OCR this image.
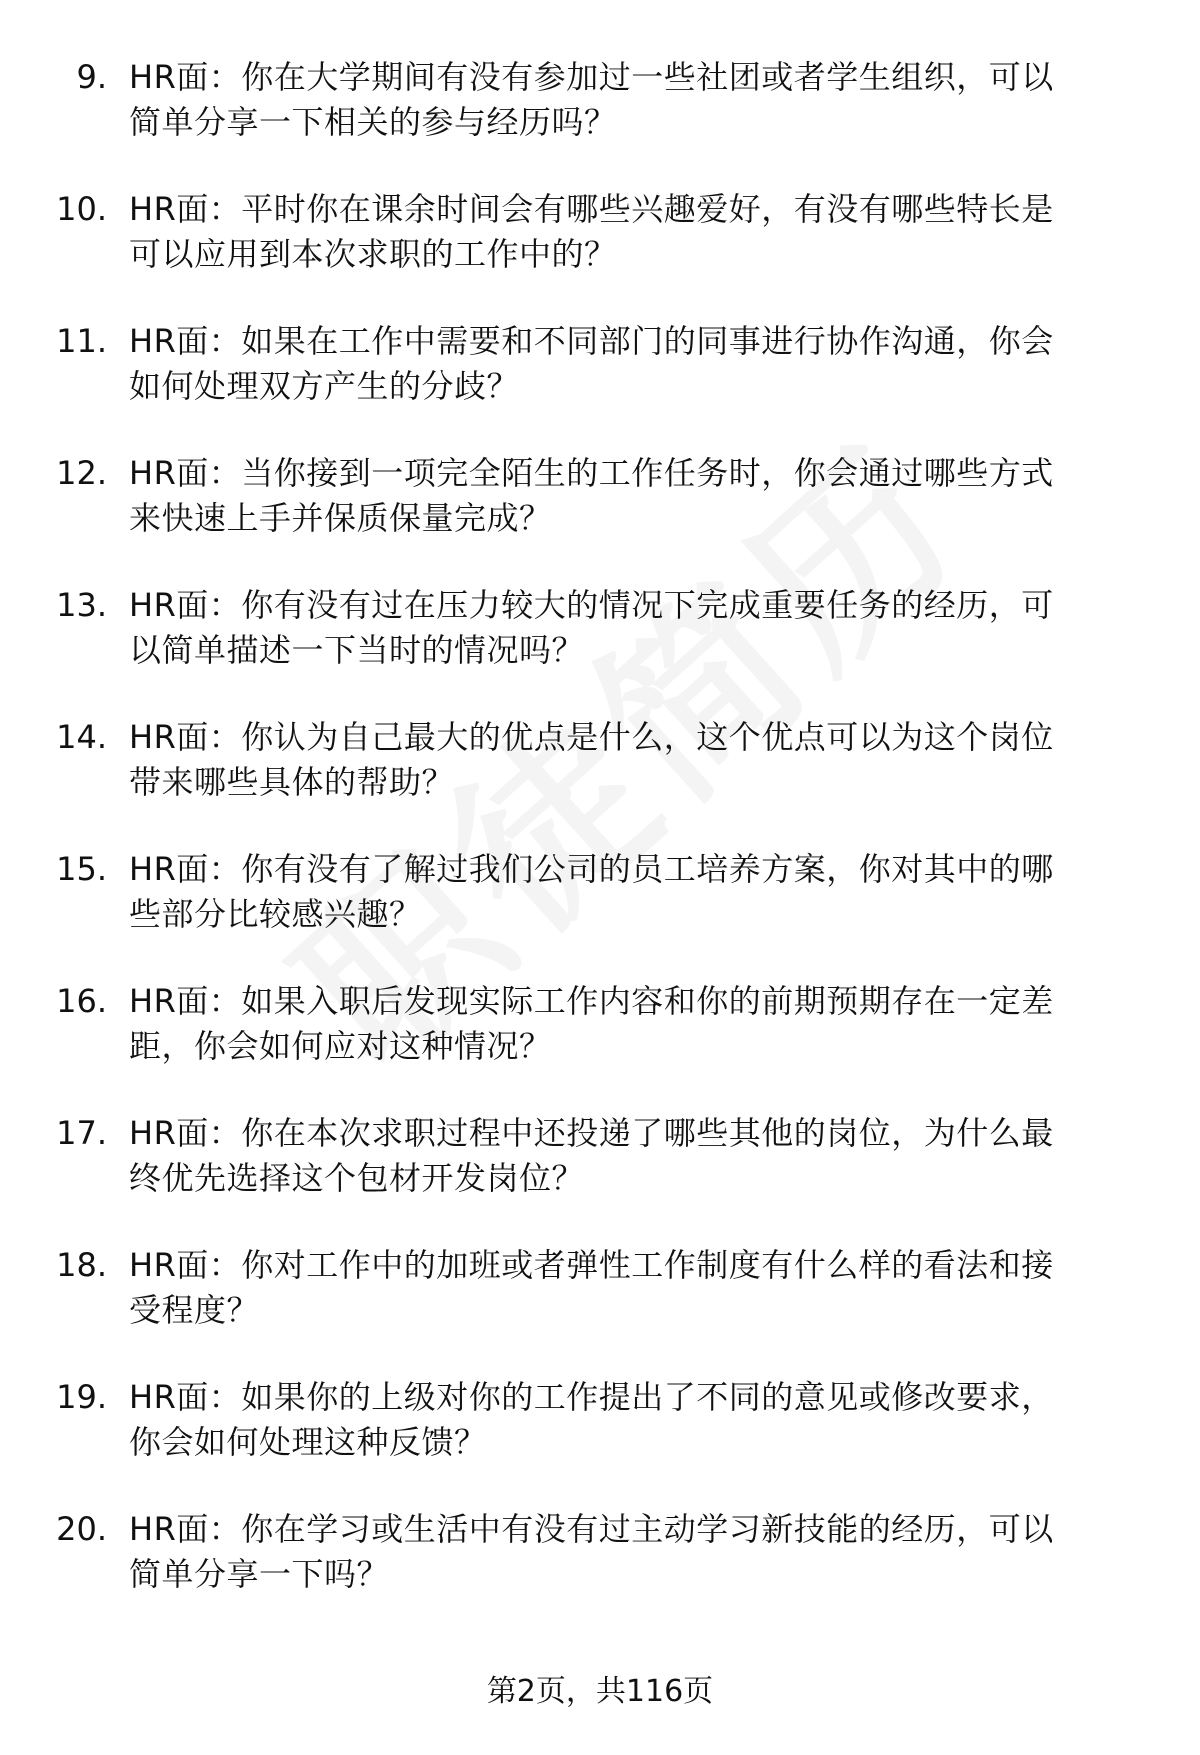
9. HR面：你在大学期间有没有参加过一些社团或者学生组织，可以
简单分享一下相关的参与经历吗？
10. HR面：平时你在课余时间会有哪些兴趣爱好，有没有哪些特长是
可以应用到本次求职的工作中的？
11. HR面：如果在工作中需要和不同部门的同事进行协作沟通，你会
如何处理双方产生的分歧？
12. HR面：当你接到一项完全陌生的工作任务时，你会通过哪些方式
来快速上手并保质保量完成？
13. HR面：你有没有过在压力较大的情况下完成重要任务的经历，可
以简单描述一下当时的情况吗？
14. HR面：你认为自己最大的优点是什么，这个优点可以为这个岗位
带来哪些具体的帮助？
15. HR面：你有没有了解过我们公司的员工培养方案，你对其中的哪
些部分比较感兴趣？
16. HR面：如果入职后发现实际工作内容和你的前期预期存在一定差
距，你会如何应对这种情况？
17. HR面：你在本次求职过程中还投递了哪些其他的岗位，为什么最
终优先选择这个包材开发岗位？
18. HR面：你对工作中的加班或者弹性工作制度有什么样的看法和接
受程度？
19. HR面：如果你的上级对你的工作提出了不同的意见或修改要求，
你会如何处理这种反馈？
20. HR面：你在学习或生活中有没有过主动学习新技能的经历，可以
简单分享一下吗？
第2页，共116页
